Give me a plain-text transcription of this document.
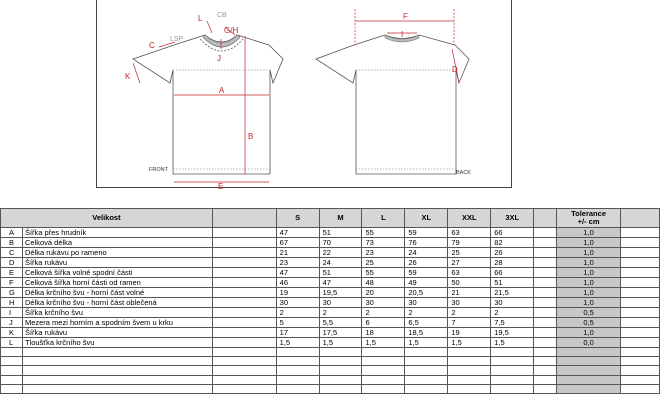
L
G/H
C
K
J
A
B
E
F
I
D
CB
LSP
FRONT	BACK
Velikost			S	M	L	XL	XXL	3XL		Tolerance
+/- cm	
A	Šířka přes hrudník		47	51	55	59	63	66		1,0	
B	Celková délka		67	70	73	76	79	82		1,0	
C	Délka rukávu po rameno		21	22	23	24	25	26		1,0	
D	Šířka rukávu		23	24	25	26	27	28		1,0	
E	Celková šířka volné spodní části		47	51	55	59	63	66		1,0	
F	Celková šířka horní části od ramen		46	47	48	49	50	51		1,0	
G	Délka krčního švu - horní část volné		19	19,5	20	20,5	21	21,5		1,0	
H	Délka krčního švu - horní část oblečená		30	30	30	30	30	30		1,0	
I	Šířka krčního švu		2	2	2	2	2	2		0,5	
J	Mezera mezi horním a spodním švem u krku		5	5,5	6	6,5	7	7,5		0,5	
K	Šířka rukávu		17	17,5	18	18,5	19	19,5		1,0	
L	Tloušťka krčního švu		1,5	1,5	1,5	1,5	1,5	1,5		0,0	
